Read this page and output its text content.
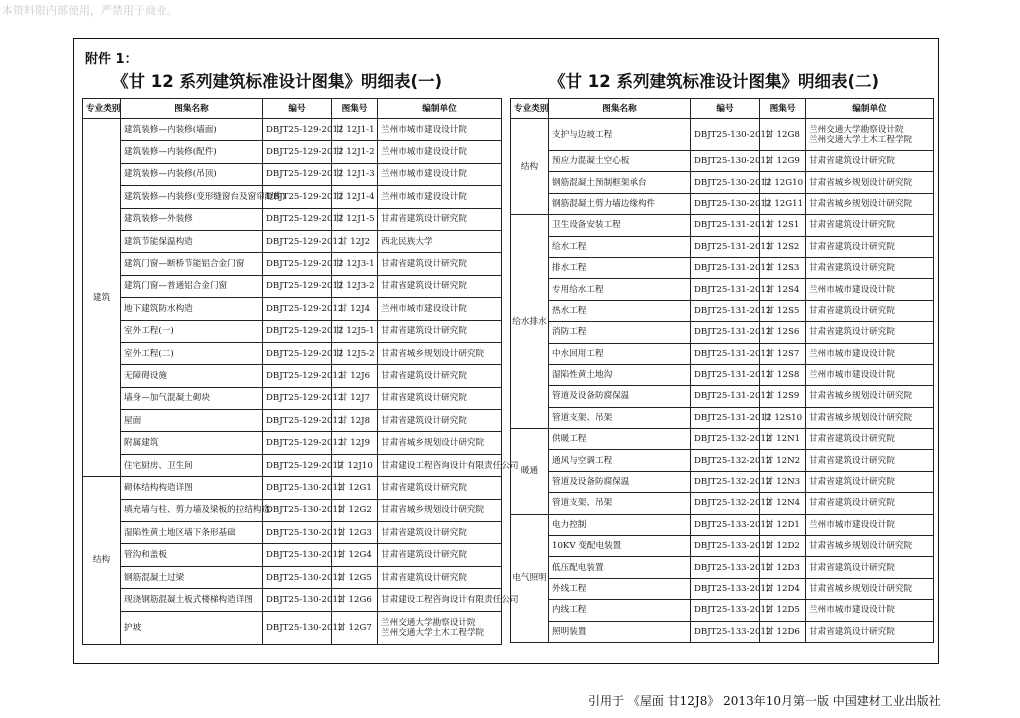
本资料限内部使用，严禁用于商业。
附件 1：
《甘 12 系列建筑标准设计图集》明细表(一)	《甘 12 系列建筑标准设计图集》明细表(二)
专业类别	图集名称	编号	图集号	编制单位
建筑	建筑装修—内装修(墙面)	DBJT25-129-2012	甘 12J1-1	兰州市城市建设设计院

	建筑装修—内装修(配件)	DBJT25-129-2012	甘 12J1-2	兰州市城市建设设计院

	建筑装修—内装修(吊顶)	DBJT25-129-2012	甘 12J1-3	兰州市城市建设设计院

	建筑装修—内装修(变形缝窗台及窗帘配件)	DBJT25-129-2012	甘 12J1-4	兰州市城市建设设计院

	建筑装修—外装修	DBJT25-129-2012	甘 12J1-5	甘肃省建筑设计研究院

	建筑节能保温构造	DBJT25-129-2012	甘 12J2	西北民族大学

	建筑门窗—断桥节能铝合金门窗	DBJT25-129-2012	甘 12J3-1	甘肃省建筑设计研究院

	建筑门窗—普通铝合金门窗	DBJT25-129-2012	甘 12J3-2	甘肃省建筑设计研究院

	地下建筑防水构造	DBJT25-129-2012	甘 12J4	兰州市城市建设设计院

	室外工程(一)	DBJT25-129-2012	甘 12J5-1	甘肃省建筑设计研究院

	室外工程(二)	DBJT25-129-2012	甘 12J5-2	甘肃省城乡规划设计研究院

	无障碍设施	DBJT25-129-2012	甘 12J6	甘肃省建筑设计研究院

	墙身—加气混凝土砌块	DBJT25-129-2012	甘 12J7	甘肃省建筑设计研究院

	屋面	DBJT25-129-2012	甘 12J8	甘肃省建筑设计研究院

	附属建筑	DBJT25-129-2012	甘 12J9	甘肃省城乡规划设计研究院

	住宅厨房、卫生间	DBJT25-129-2012	甘 12J10	甘肃建设工程咨询设计有限责任公司

结构	砌体结构构造详图	DBJT25-130-2012	甘 12G1	甘肃省建筑设计研究院

	填充墙与柱、剪力墙及梁板的拉结构造	DBJT25-130-2012	甘 12G2	甘肃省城乡规划设计研究院

	湿陷性黄土地区墙下条形基础	DBJT25-130-2012	甘 12G3	甘肃省建筑设计研究院

	管沟和盖板	DBJT25-130-2012	甘 12G4	甘肃省建筑设计研究院

	钢筋混凝土过梁	DBJT25-130-2012	甘 12G5	甘肃省建筑设计研究院

	现浇钢筋混凝土板式楼梯构造详图	DBJT25-130-2012	甘 12G6	甘肃建设工程咨询设计有限责任公司

	护坡	DBJT25-130-2012	甘 12G7	兰州交通大学勘察设计院
兰州交通大学土木工程学院
专业类别	图集名称	编号	图集号	编制单位
结构	支护与边坡工程	DBJT25-130-2012	甘 12G8	兰州交通大学勘察设计院
兰州交通大学土木工程学院

	预应力混凝土空心板	DBJT25-130-2012	甘 12G9	甘肃省建筑设计研究院

	钢筋混凝土预制框架承台	DBJT25-130-2012	甘 12G10	甘肃省城乡规划设计研究院

	钢筋混凝土剪力墙边缘构件	DBJT25-130-2012	甘 12G11	甘肃省城乡规划设计研究院

给水排水	卫生设备安装工程	DBJT25-131-2012	甘 12S1	甘肃省建筑设计研究院

	给水工程	DBJT25-131-2012	甘 12S2	甘肃省建筑设计研究院

	排水工程	DBJT25-131-2012	甘 12S3	甘肃省建筑设计研究院

	专用给水工程	DBJT25-131-2012	甘 12S4	兰州市城市建设设计院

	热水工程	DBJT25-131-2012	甘 12S5	甘肃省建筑设计研究院

	消防工程	DBJT25-131-2012	甘 12S6	甘肃省建筑设计研究院

	中水回用工程	DBJT25-131-2012	甘 12S7	兰州市城市建设设计院

	湿陷性黄土地沟	DBJT25-131-2012	甘 12S8	兰州市城市建设设计院

	管道及设备防腐保温	DBJT25-131-2012	甘 12S9	甘肃省城乡规划设计研究院

	管道支架、吊架	DBJT25-131-2012	甘 12S10	甘肃省城乡规划设计研究院

暖通	供暖工程	DBJT25-132-2012	甘 12N1	甘肃省建筑设计研究院

	通风与空调工程	DBJT25-132-2012	甘 12N2	甘肃省建筑设计研究院

	管道及设备防腐保温	DBJT25-132-2012	甘 12N3	甘肃省建筑设计研究院

	管道支架、吊架	DBJT25-132-2012	甘 12N4	甘肃省建筑设计研究院

电气照明	电力控制	DBJT25-133-2012	甘 12D1	兰州市城市建设设计院

	10KV 变配电装置	DBJT25-133-2012	甘 12D2	甘肃省城乡规划设计研究院

	低压配电装置	DBJT25-133-2012	甘 12D3	甘肃省建筑设计研究院

	外线工程	DBJT25-133-2012	甘 12D4	甘肃省城乡规划设计研究院

	内线工程	DBJT25-133-2012	甘 12D5	兰州市城市建设设计院

	照明装置	DBJT25-133-2012	甘 12D6	甘肃省建筑设计研究院
引用于 《屋面 甘12J8》 2013年10月第一版 中国建材工业出版社
